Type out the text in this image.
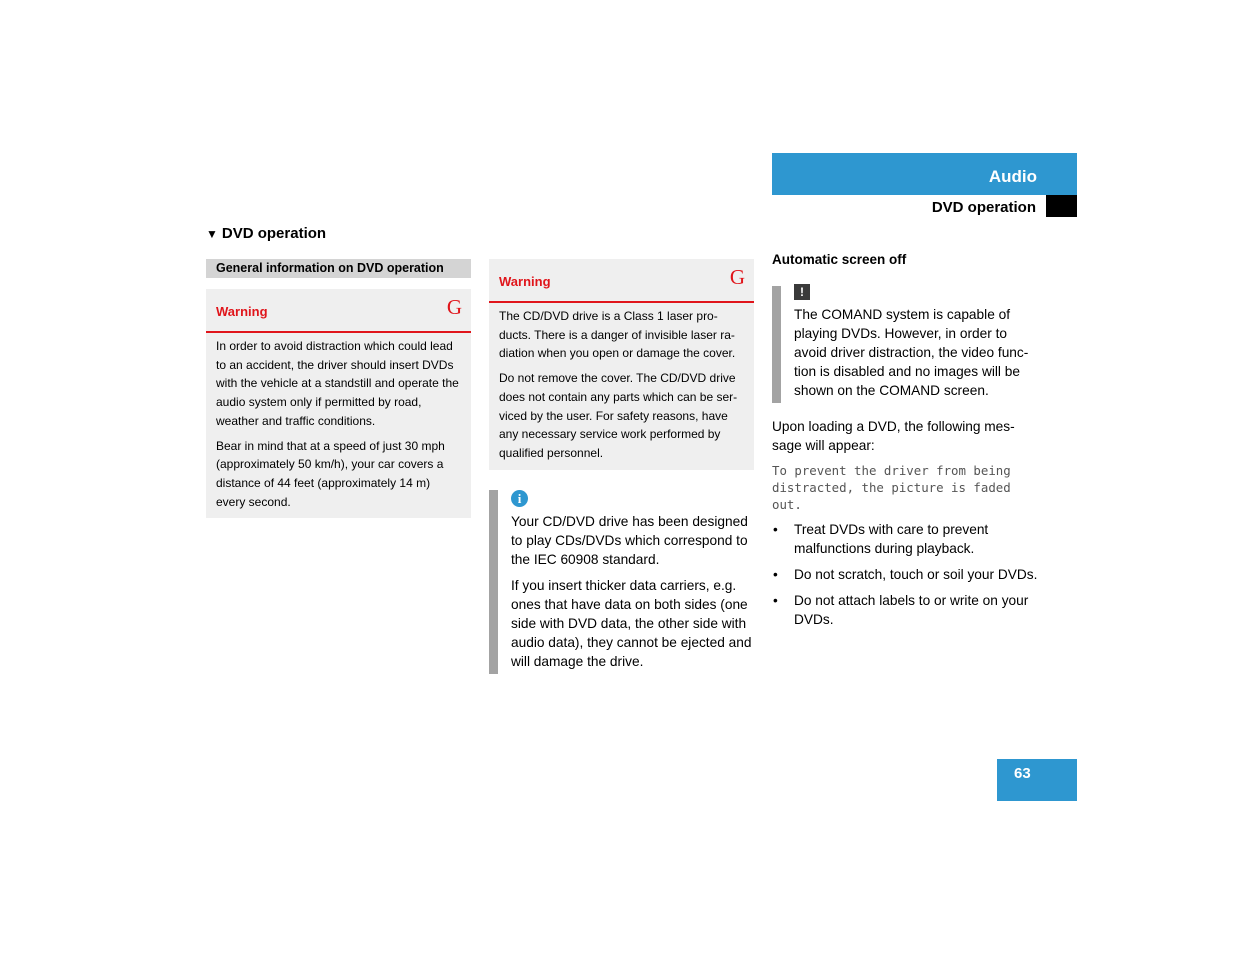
Audio
DVD operation
▼ DVD operation
General information on DVD operation
Warning	G

In order to avoid distraction which could lead to an accident, the driver should insert DVDs with the vehicle at a standstill and operate the audio system only if permitted by road, weather and traffic conditions.

Bear in mind that at a speed of just 30 mph (approximately 50 km/h), your car covers a distance of 44 feet (approximately 14 m) every second.

Warning	G

The CD/DVD drive is a Class 1 laser pro-ducts. There is a danger of invisible laser ra-diation when you open or damage the cover.

Do not remove the cover. The CD/DVD drive does not contain any parts which can be ser-viced by the user. For safety reasons, have any necessary service work performed by qualified personnel.

i

Your CD/DVD drive has been designed to play CDs/DVDs which correspond to the IEC 60908 standard.

If you insert thicker data carriers, e.g. ones that have data on both sides (one side with DVD data, the other side with audio data), they cannot be ejected and will damage the drive.

Automatic screen off
!

The COMAND system is capable of playing DVDs. However, in order to avoid driver distraction, the video func-tion is disabled and no images will be shown on the COMAND screen.

Upon loading a DVD, the following mes-sage will appear:

To prevent the driver from being distracted, the picture is faded out.

• Treat DVDs with care to prevent malfunctions during playback.
• Do not scratch, touch or soil your DVDs.
• Do not attach labels to or write on your DVDs.
63
